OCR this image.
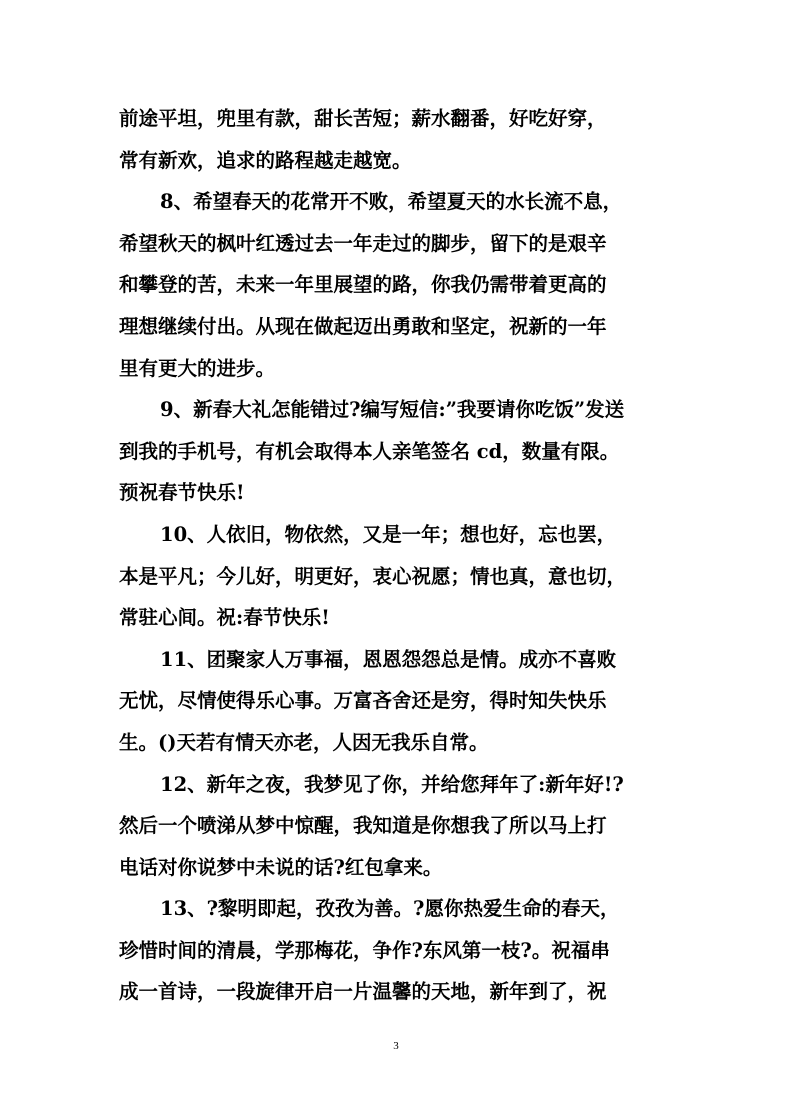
前途平坦，兜里有款，甜长苦短；薪水翻番，好吃好穿，
常有新欢，追求的路程越走越宽。
8、希望春天的花常开不败，希望夏天的水长流不息，
希望秋天的枫叶红透过去一年走过的脚步，留下的是艰辛
和攀登的苦，未来一年里展望的路，你我仍需带着更高的
理想继续付出。从现在做起迈出勇敢和坚定，祝新的一年
里有更大的进步。
9、新春大礼怎能错过?编写短信:”我要请你吃饭”发送
到我的手机号，有机会取得本人亲笔签名 cd，数量有限。
预祝春节快乐!
10、人依旧，物依然，又是一年；想也好，忘也罢，
本是平凡；今儿好，明更好，衷心祝愿；情也真，意也切，
常驻心间。祝:春节快乐!
11、团聚家人万事福，恩恩怨怨总是情。成亦不喜败
无忧，尽情使得乐心事。万富吝舍还是穷，得时知失快乐
生。()天若有情天亦老，人因无我乐自常。
12、新年之夜，我梦见了你，并给您拜年了:新年好!?
然后一个喷涕从梦中惊醒，我知道是你想我了所以马上打
电话对你说梦中未说的话?红包拿来。
13、?黎明即起，孜孜为善。?愿你热爱生命的春天，
珍惜时间的清晨，学那梅花，争作?东风第一枝?。祝福串
成一首诗，一段旋律开启一片温馨的天地，新年到了，祝
3
